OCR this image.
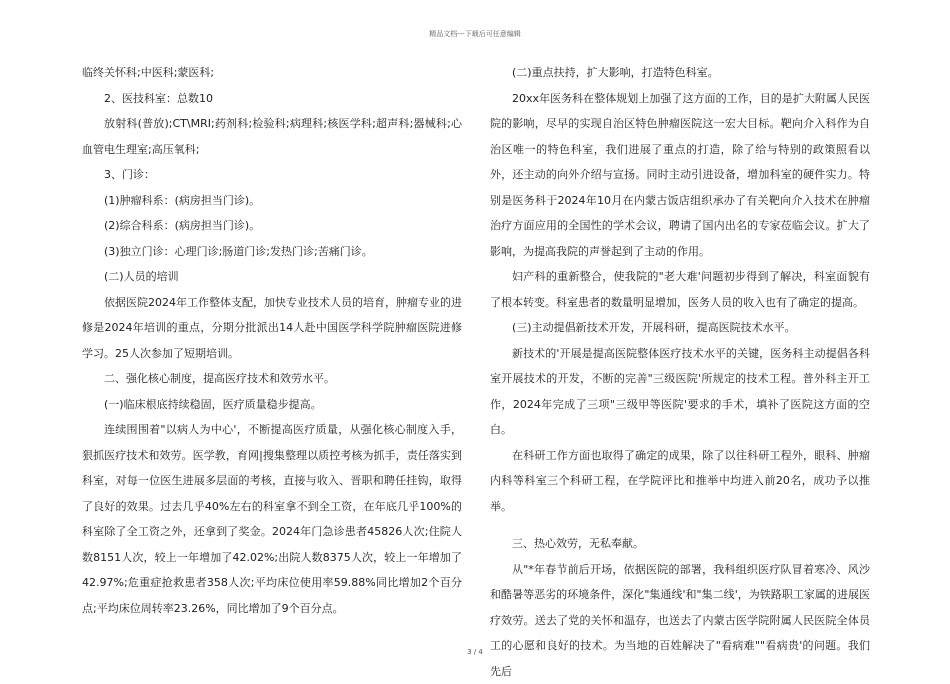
精品文档---下载后可任意编辑

临终关怀科;中医科;蒙医科;

2、医技科室：总数10

放射科(普放);CT\MRI;药剂科;检验科;病理科;核医学科;超声科;器械科;心血管电生理室;高压氧科;

3、门诊：

(1)肿瘤科系：(病房担当门诊)。

(2)综合科系：(病房担当门诊)。

(3)独立门诊：心理门诊;肠道门诊;发热门诊;苦痛门诊。

(二)人员的培训

依据医院2024年工作整体支配，加快专业技术人员的培育，肿瘤专业的进修是2024年培训的重点，分期分批派出14人赴中国医学科学院肿瘤医院进修学习。25人次参加了短期培训。

二、强化核心制度，提高医疗技术和效劳水平。

(一)临床根底持续稳固，医疗质量稳步提高。

连续围围着"以病人为中心'，不断提高医疗质量，从强化核心制度入手，狠抓医疗技术和效劳。医学教，育网|搜集整理以质控考核为抓手，责任落实到科室，对每一位医生进展多层面的考核，直接与收入、晋职和聘任挂钩，取得了良好的效果。过去几乎40%左右的科室拿不到全工资，在年底几乎100%的科室除了全工资之外，还拿到了奖金。2024年门急诊患者45826人次;住院人数8151人次，较上一年增加了42.02%;出院人数8375人次，较上一年增加了42.97%;危重症抢救患者358人次;平均床位使用率59.88%同比增加2个百分点;平均床位周转率23.26%，同比增加了9个百分点。

(二)重点扶持，扩大影响，打造特色科室。

20xx年医务科在整体规划上加强了这方面的工作，目的是扩大附属人民医院的影响，尽早的实现自治区特色肿瘤医院这一宏大目标。靶向介入科作为自治区唯一的特色科室，我们进展了重点的打造，除了给与特别的政策照看以外，还主动的向外介绍与宣扬。同时主动引进设备，增加科室的硬件实力。特别是医务科于2024年10月在内蒙古饭店组织承办了有关靶向介入技术在肿瘤治疗方面应用的全国性的学术会议，聘请了国内出名的专家莅临会议。扩大了影响，为提高我院的声誉起到了主动的作用。

妇产科的重新整合，使我院的"老大难'问题初步得到了解决，科室面貌有了根本转变。科室患者的数量明显增加，医务人员的收入也有了确定的提高。

(三)主动提倡新技术开发，开展科研，提高医院技术水平。

新技术的'开展是提高医院整体医疗技术水平的关键，医务科主动提倡各科室开展技术的开发，不断的完善"三级医院'所规定的技术工程。普外科主开工作，2024年完成了三项"三级甲等医院'要求的手术，填补了医院这方面的空白。

在科研工作方面也取得了确定的成果，除了以往科研工程外，眼科、肿瘤内科等科室三个科研工程，在学院评比和推举中均进入前20名，成功予以推举。

三、热心效劳，无私奉献。

从"*年春节前后开场，依据医院的部署，我科组织医疗队冒着寒冷、风沙和酷暑等恶劣的环境条件，深化"集通线'和"集二线'，为铁路职工家属的进展医疗效劳。送去了党的关怀和温存，也送去了内蒙古医学院附属人民医院全体员工的心愿和良好的技术。为当地的百姓解决了"看病难""看病贵'的问题。我们先后

3 / 4
